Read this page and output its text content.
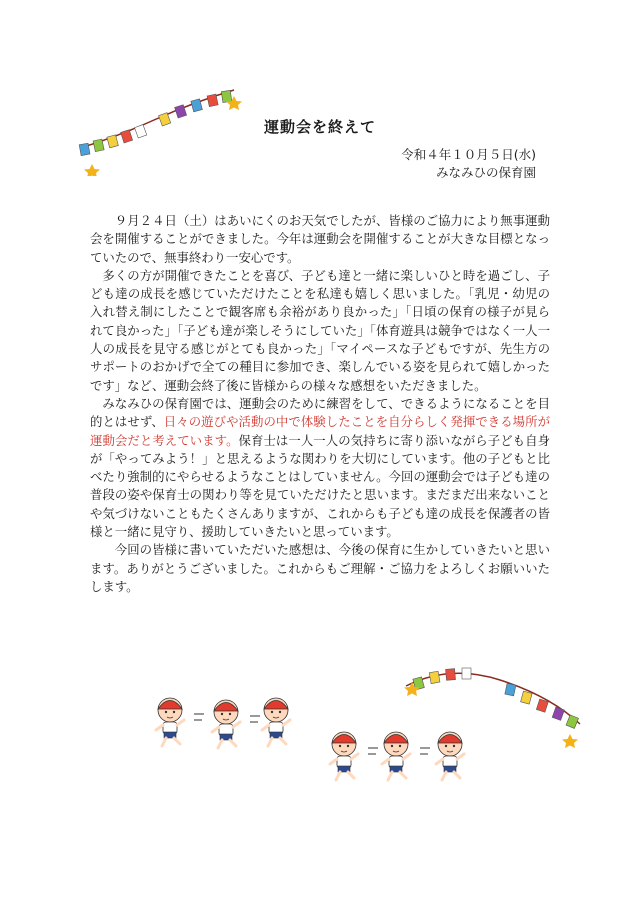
運動会を終えて
令和４年１０月５日(水)
みなみひの保育園

９月２４日（土）はあいにくのお天気でしたが、皆様のご協力により無事運動会を開催することができました。今年は運動会を開催することが大きな目標となっていたので、無事終わり一安心です。

多くの方が開催できたことを喜び、子ども達と一緒に楽しいひと時を過ごし、子ども達の成長を感じていただけたことを私達も嬉しく思いました。「乳児・幼児の入れ替え制にしたことで観客席も余裕があり良かった」「日頃の保育の様子が見られて良かった」「子ども達が楽しそうにしていた」「体育遊具は競争ではなく一人一人の成長を見守る感じがとても良かった」「マイペースな子どもですが、先生方のサポートのおかげで全ての種目に参加でき、楽しんでいる姿を見られて嬉しかったです」など、運動会終了後に皆様からの様々な感想をいただきました。

みなみひの保育園では、運動会のために練習をして、できるようになることを目的とはせず、日々の遊びや活動の中で体験したことを自分らしく発揮できる場所が運動会だと考えています。保育士は一人一人の気持ちに寄り添いながら子ども自身が「やってみよう！」と思えるような関わりを大切にしています。他の子どもと比べたり強制的にやらせるようなことはしていません。今回の運動会では子ども達の普段の姿や保育士の関わり等を見ていただけたと思います。まだまだ出来ないことや気づけないこともたくさんありますが、これからも子ども達の成長を保護者の皆様と一緒に見守り、援助していきたいと思っています。

今回の皆様に書いていただいた感想は、今後の保育に生かしていきたいと思います。ありがとうございました。これからもご理解・ご協力をよろしくお願いいたします。
